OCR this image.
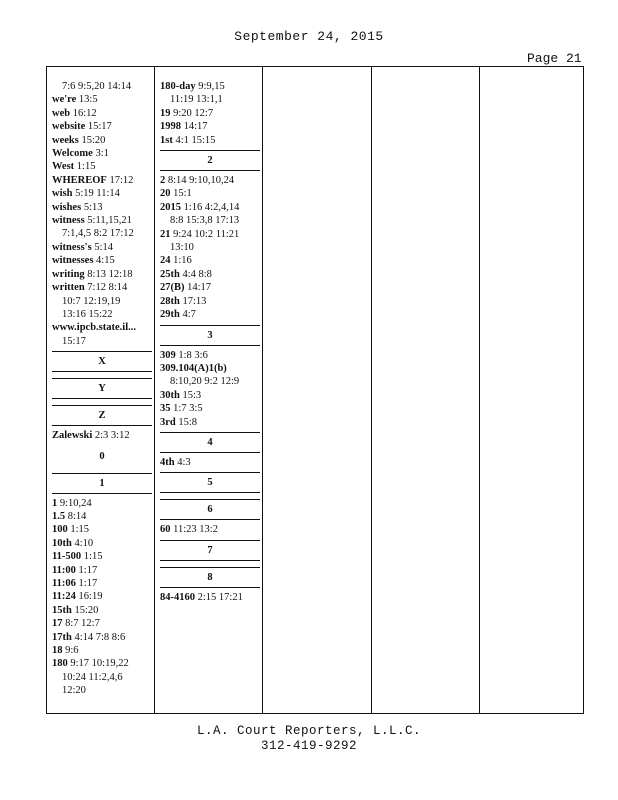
September 24, 2015
Page 21
7:6 9:5,20 14:14
we're 13:5
web 16:12
website 15:17
weeks 15:20
Welcome 3:1
West 1:15
WHEREOF 17:12
wish 5:19 11:14
wishes 5:13
witness 5:11,15,21
7:1,4,5 8:2 17:12
witness's 5:14
witnesses 4:15
writing 8:13 12:18
written 7:12 8:14
10:7 12:19,19
13:16 15:22
www.ipcb.state.il...
15:17
X
Y
Z
Zalewski 2:3 3:12
0
1
1 9:10,24
1.5 8:14
100 1:15
10th 4:10
11-500 1:15
11:00 1:17
11:06 1:17
11:24 16:19
15th 15:20
17 8:7 12:7
17th 4:14 7:8 8:6
18 9:6
180 9:17 10:19,22
10:24 11:2,4,6
12:20
180-day 9:9,15
11:19 13:1,1
19 9:20 12:7
1998 14:17
1st 4:1 15:15
2
2 8:14 9:10,10,24
20 15:1
2015 1:16 4:2,4,14
8:8 15:3,8 17:13
21 9:24 10:2 11:21
13:10
24 1:16
25th 4:4 8:8
27(B) 14:17
28th 17:13
29th 4:7
3
309 1:8 3:6
309.104(A)1(b)
8:10,20 9:2 12:9
30th 15:3
35 1:7 3:5
3rd 15:8
4
4th 4:3
5
6
60 11:23 13:2
7
8
84-4160 2:15 17:21
L.A. Court Reporters, L.L.C.
312-419-9292
